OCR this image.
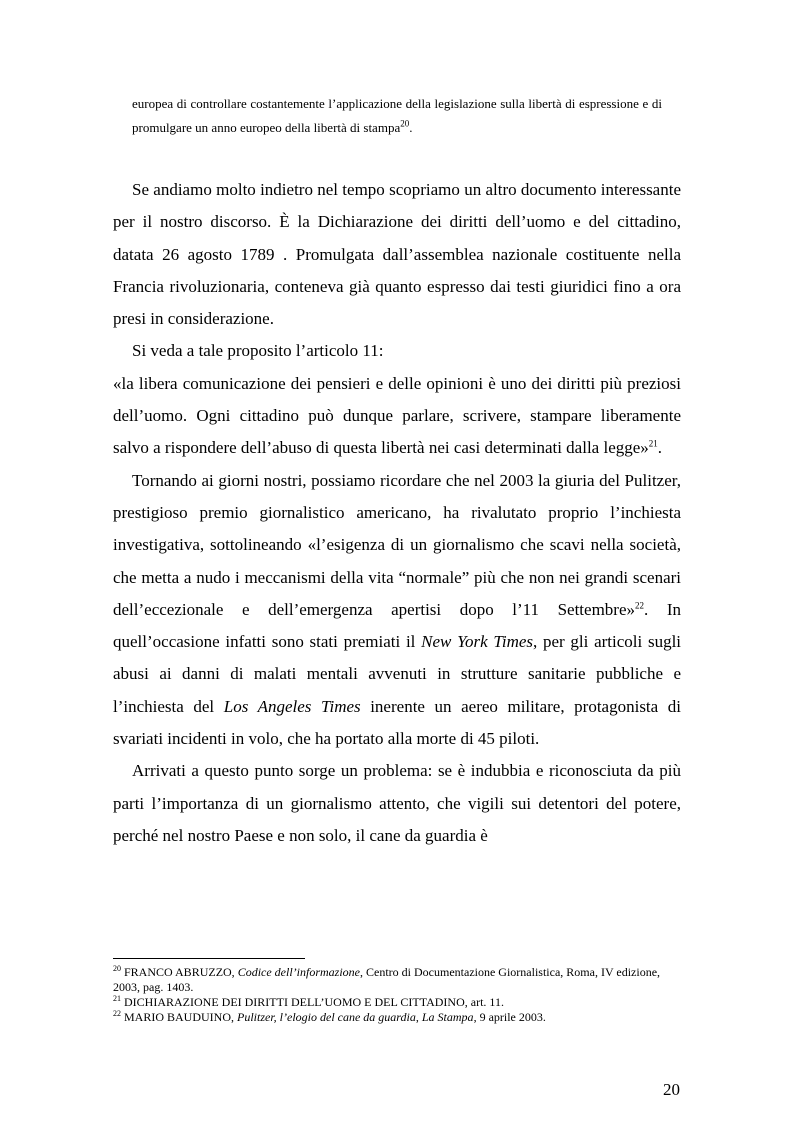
europea di controllare costantemente l’applicazione della legislazione sulla libertà di espressione e di promulgare un anno europeo della libertà di stampa$^{20}$.

Se andiamo molto indietro nel tempo scopriamo un altro documento interessante per il nostro discorso. È la Dichiarazione dei diritti dell’uomo e del cittadino, datata 26 agosto 1789 . Promulgata dall’assemblea nazionale costituente nella Francia rivoluzionaria, conteneva già quanto espresso dai testi giuridici fino a ora presi in considerazione.

Si veda a tale proposito l’articolo 11:

«la libera comunicazione dei pensieri e delle opinioni è uno dei diritti più preziosi dell’uomo. Ogni cittadino può dunque parlare, scrivere, stampare liberamente salvo a rispondere dell’abuso di questa libertà nei casi determinati dalla legge»$^{21}$.

Tornando ai giorni nostri, possiamo ricordare che nel 2003 la giuria del Pulitzer, prestigioso premio giornalistico americano, ha rivalutato proprio l’inchiesta investigativa, sottolineando «l’esigenza di un giornalismo che scavi nella società, che metta a nudo i meccanismi della vita “normale” più che non nei grandi scenari dell’eccezionale e dell’emergenza apertisi dopo l’11 Settembre»$^{22}$. In quell’occasione infatti sono stati premiati il New York Times, per gli articoli sugli abusi ai danni di malati mentali avvenuti in strutture sanitarie pubbliche e l’inchiesta del Los Angeles Times inerente un aereo militare, protagonista di svariati incidenti in volo, che ha portato alla morte di 45 piloti.

Arrivati a questo punto sorge un problema: se è indubbia e riconosciuta da più parti l’importanza di un giornalismo attento, che vigili sui detentori del potere, perché nel nostro Paese e non solo, il cane da guardia è

$^{20}$ FRANCO ABRUZZO, Codice dell’informazione, Centro di Documentazione Giornalistica, Roma, IV edizione, 2003, pag. 1403.

$^{21}$ DICHIARAZIONE DEI DIRITTI DELL’UOMO E DEL CITTADINO, art. 11.

$^{22}$ MARIO BAUDUINO, Pulitzer, l’elogio del cane da guardia, La Stampa, 9 aprile 2003.

20
